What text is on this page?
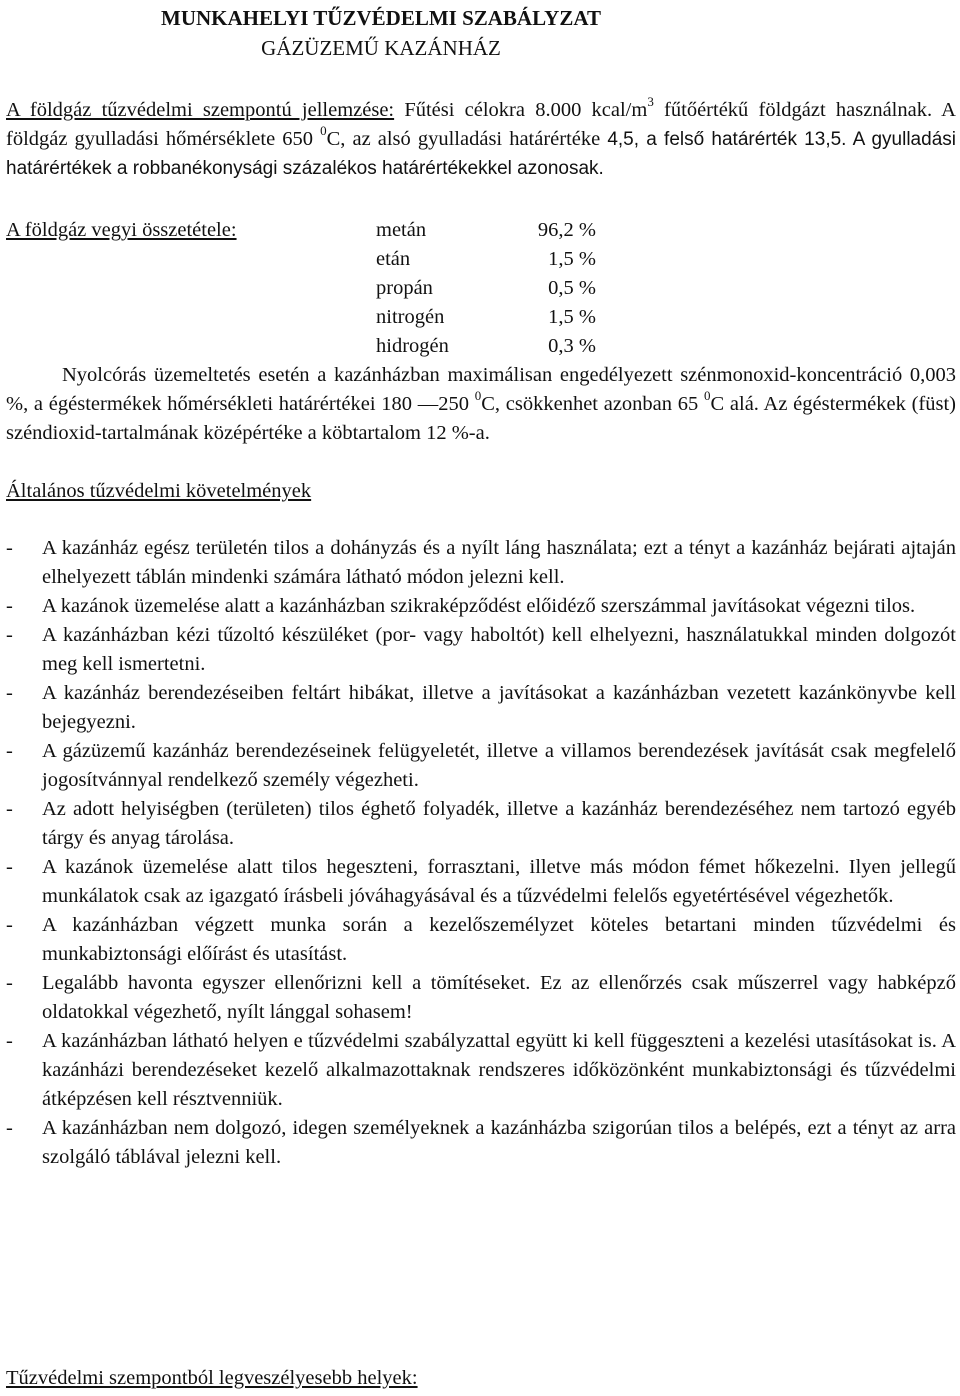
MUNKAHELYI TŰZVÉDELMI SZABÁLYZAT
GÁZÜZEMŰ KAZÁNHÁZ

A földgáz tűzvédelmi szempontú jellemzése: Fűtési célokra 8.000 kcal/$m^3$ fűtőértékű földgázt használnak. A földgáz gyulladási hőmérséklete 650 $^0$C, az alsó gyulladási határértéke 4,5, a felső határérték 13,5. A gyulladási határértékek a robbanékonysági százalékos határértékekkel azonosak.

A földgáz vegyi összetétele:	metán	96,2 %
etán	1,5 %
propán	0,5 %
nitrogén	1,5 %
hidrogén	0,3 %

Nyolcórás üzemeltetés esetén a kazánházban maximálisan engedélyezett szénmonoxid-koncentráció 0,003 %, a égéstermékek hőmérsékleti határértékei 180 —250 $^0$C, csökkenhet azonban 65 $^0$C alá. Az égéstermékek (füst) széndioxid-tartalmának középértéke a köbtartalom 12 %-a.

Általános tűzvédelmi követelmények
-	A kazánház egész területén tilos a dohányzás és a nyílt láng használata; ezt a tényt a kazánház bejárati ajtaján elhelyezett táblán mindenki számára látható módon jelezni kell.
-	A kazánok üzemelése alatt a kazánházban szikraképződést előidéző szerszámmal javításokat végezni tilos.
-	A kazánházban kézi tűzoltó készüléket (por- vagy haboltót) kell elhelyezni, használatukkal minden dolgozót meg kell ismertetni.
-	A kazánház berendezéseiben feltárt hibákat, illetve a javításokat a kazánházban vezetett kazánkönyvbe kell bejegyezni.
-	A gázüzemű kazánház berendezéseinek felügyeletét, illetve a villamos berendezések javítását csak megfelelő jogosítvánnyal rendelkező személy végezheti.
-	Az adott helyiségben (területen) tilos éghető folyadék, illetve a kazánház berendezéséhez nem tartozó egyéb tárgy és anyag tárolása.
-	A kazánok üzemelése alatt tilos hegeszteni, forrasztani, illetve más módon fémet hőkezelni. Ilyen jellegű munkálatok csak az igazgató írásbeli jóváhagyásával és a tűzvédelmi felelős egyetértésével végezhetők.
-	A kazánházban végzett munka során a kezelőszemélyzet köteles betartani minden tűzvédelmi és munkabiztonsági előírást és utasítást.
-	Legalább havonta egyszer ellenőrizni kell a tömítéseket. Ez az ellenőrzés csak műszerrel vagy habképző oldatokkal végezhető, nyílt lánggal sohasem!
-	A kazánházban látható helyen e tűzvédelmi szabályzattal együtt ki kell függeszteni a kezelési utasításokat is. A kazánházi berendezéseket kezelő alkalmazottaknak rendszeres időközönként munkabiztonsági és tűzvédelmi átképzésen kell résztvenniük.
-	A kazánházban nem dolgozó, idegen személyeknek a kazánházba szigorúan tilos a belépés, ezt a tényt az arra szolgáló táblával jelezni kell.
Tűzvédelmi szempontból legveszélyesebb helyek:
